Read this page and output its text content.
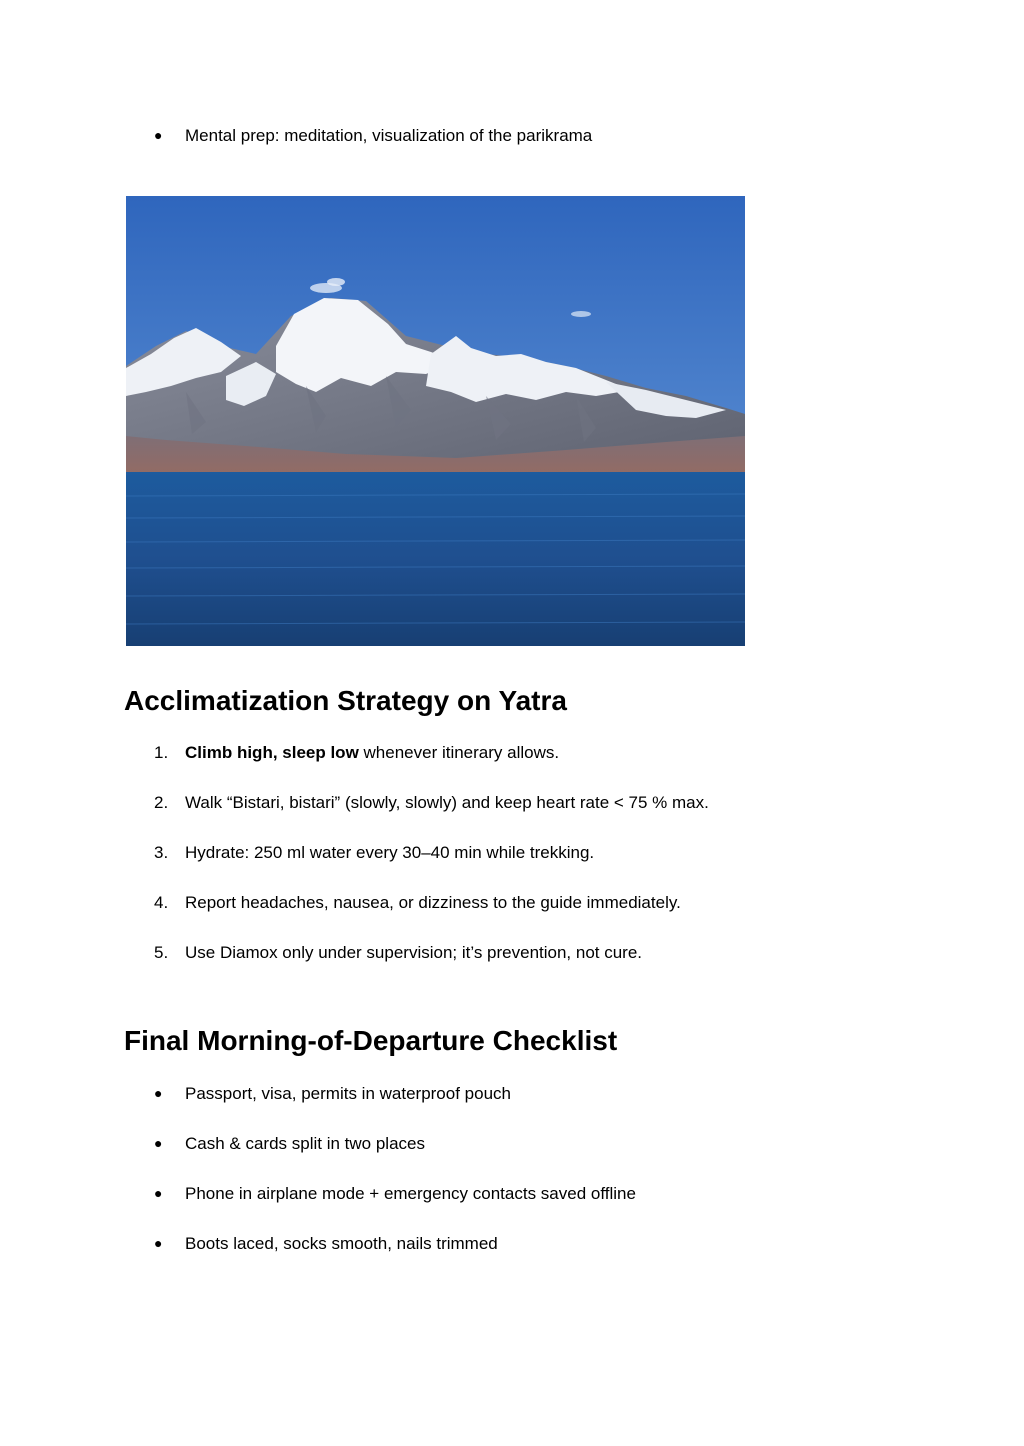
● Mental prep: meditation, visualization of the parikrama
Acclimatization Strategy on Yatra
1. Climb high, sleep low whenever itinerary allows.
2. Walk “Bistari, bistari” (slowly, slowly) and keep heart rate < 75 % max.
3. Hydrate: 250 ml water every 30–40 min while trekking.
4. Report headaches, nausea, or dizziness to the guide immediately.
5. Use Diamox only under supervision; it’s prevention, not cure.
Final Morning-of-Departure Checklist
● Passport, visa, permits in waterproof pouch
● Cash & cards split in two places
● Phone in airplane mode + emergency contacts saved offline
● Boots laced, socks smooth, nails trimmed
